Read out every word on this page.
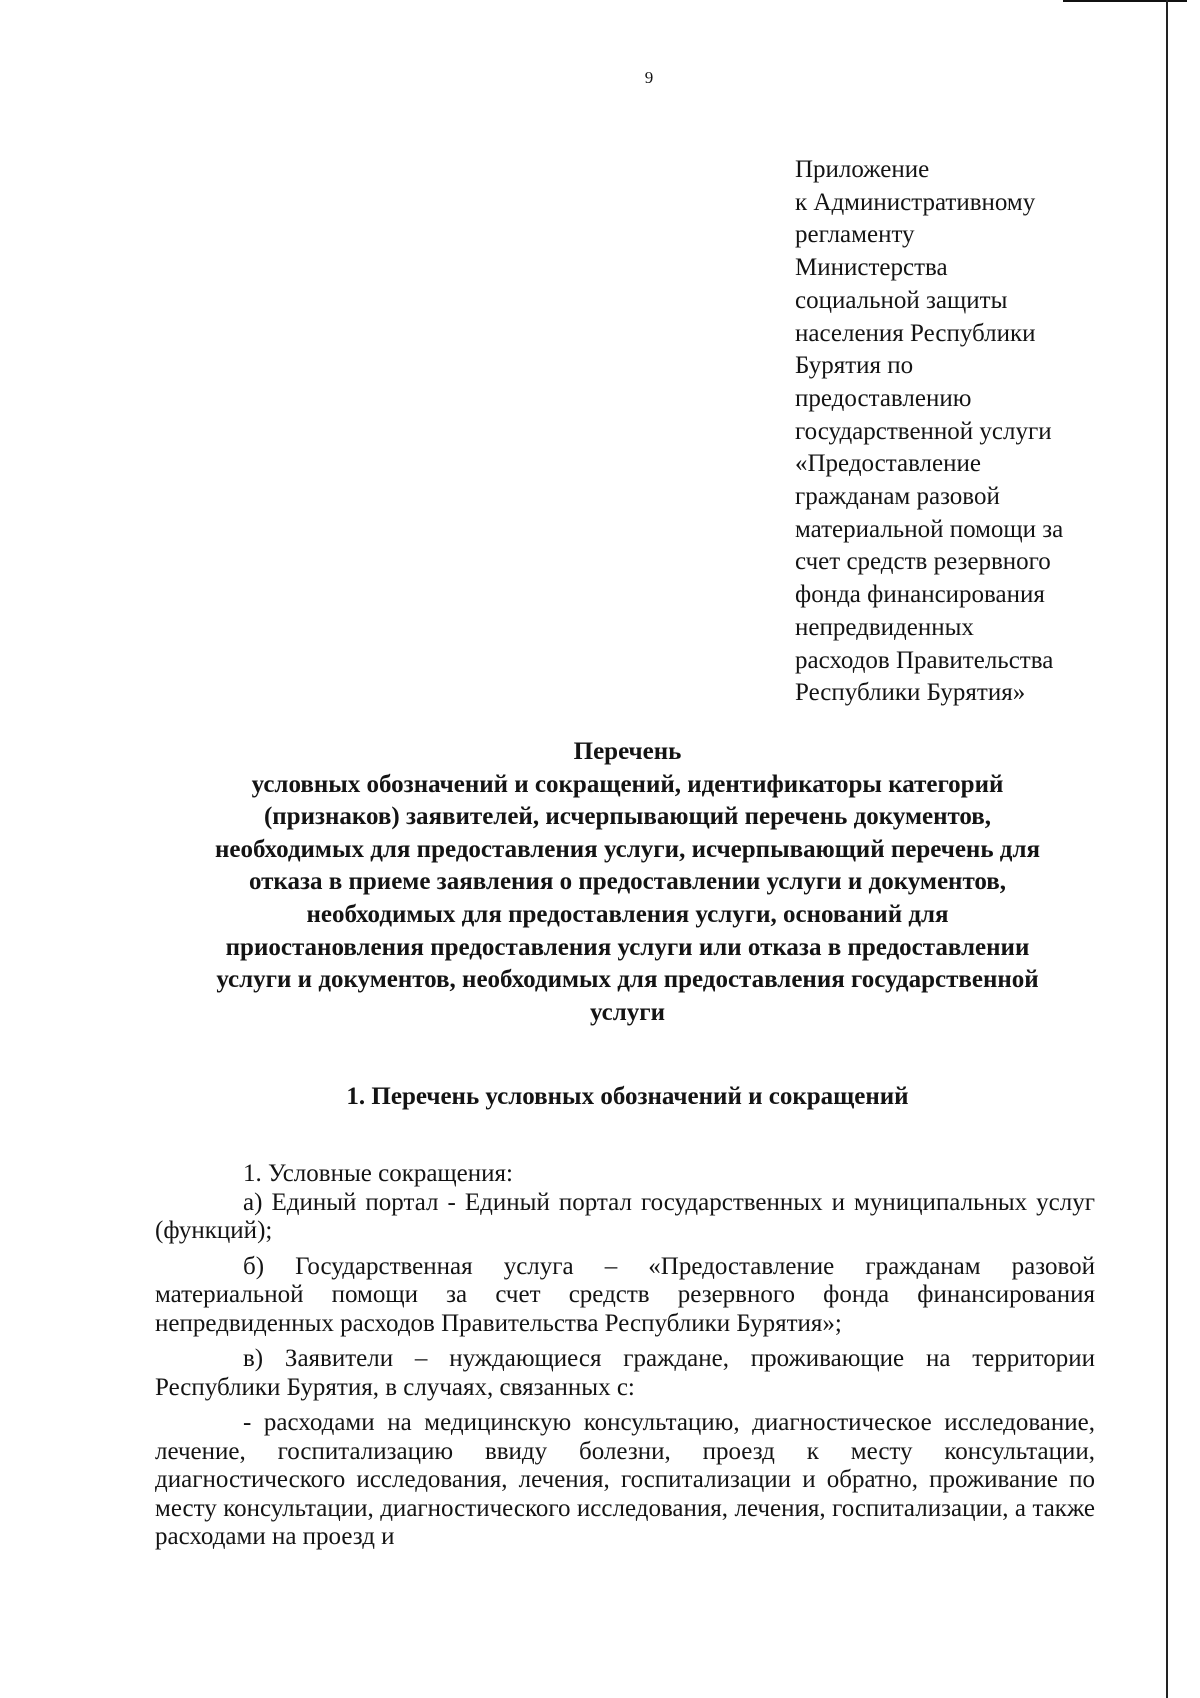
9
Приложение
к Административному
регламенту
Министерства
социальной защиты
населения Республики
Бурятия по
предоставлению
государственной услуги
«Предоставление
гражданам разовой
материальной помощи за
счет средств резервного
фонда финансирования
непредвиденных
расходов Правительства
Республики Бурятия»
Перечень
условных обозначений и сокращений, идентификаторы категорий
(признаков) заявителей, исчерпывающий перечень документов,
необходимых для предоставления услуги, исчерпывающий перечень для
отказа в приеме заявления о предоставлении услуги и документов,
необходимых для предоставления услуги, оснований для
приостановления предоставления услуги или отказа в предоставлении
услуги и документов, необходимых для предоставления государственной
услуги
1. Перечень условных обозначений и сокращений

1. Условные сокращения:

а) Единый портал - Единый портал государственных и муниципальных услуг (функций);

б) Государственная услуга – «Предоставление гражданам разовой материальной помощи за счет средств резервного фонда финансирования непредвиденных расходов Правительства Республики Бурятия»;

в) Заявители – нуждающиеся граждане, проживающие на территории Республики Бурятия, в случаях, связанных с:

- расходами на медицинскую консультацию, диагностическое исследование, лечение, госпитализацию ввиду болезни, проезд к месту консультации, диагностического исследования, лечения, госпитализации и обратно, проживание по месту консультации, диагностического исследования, лечения, госпитализации, а также расходами на проезд и
